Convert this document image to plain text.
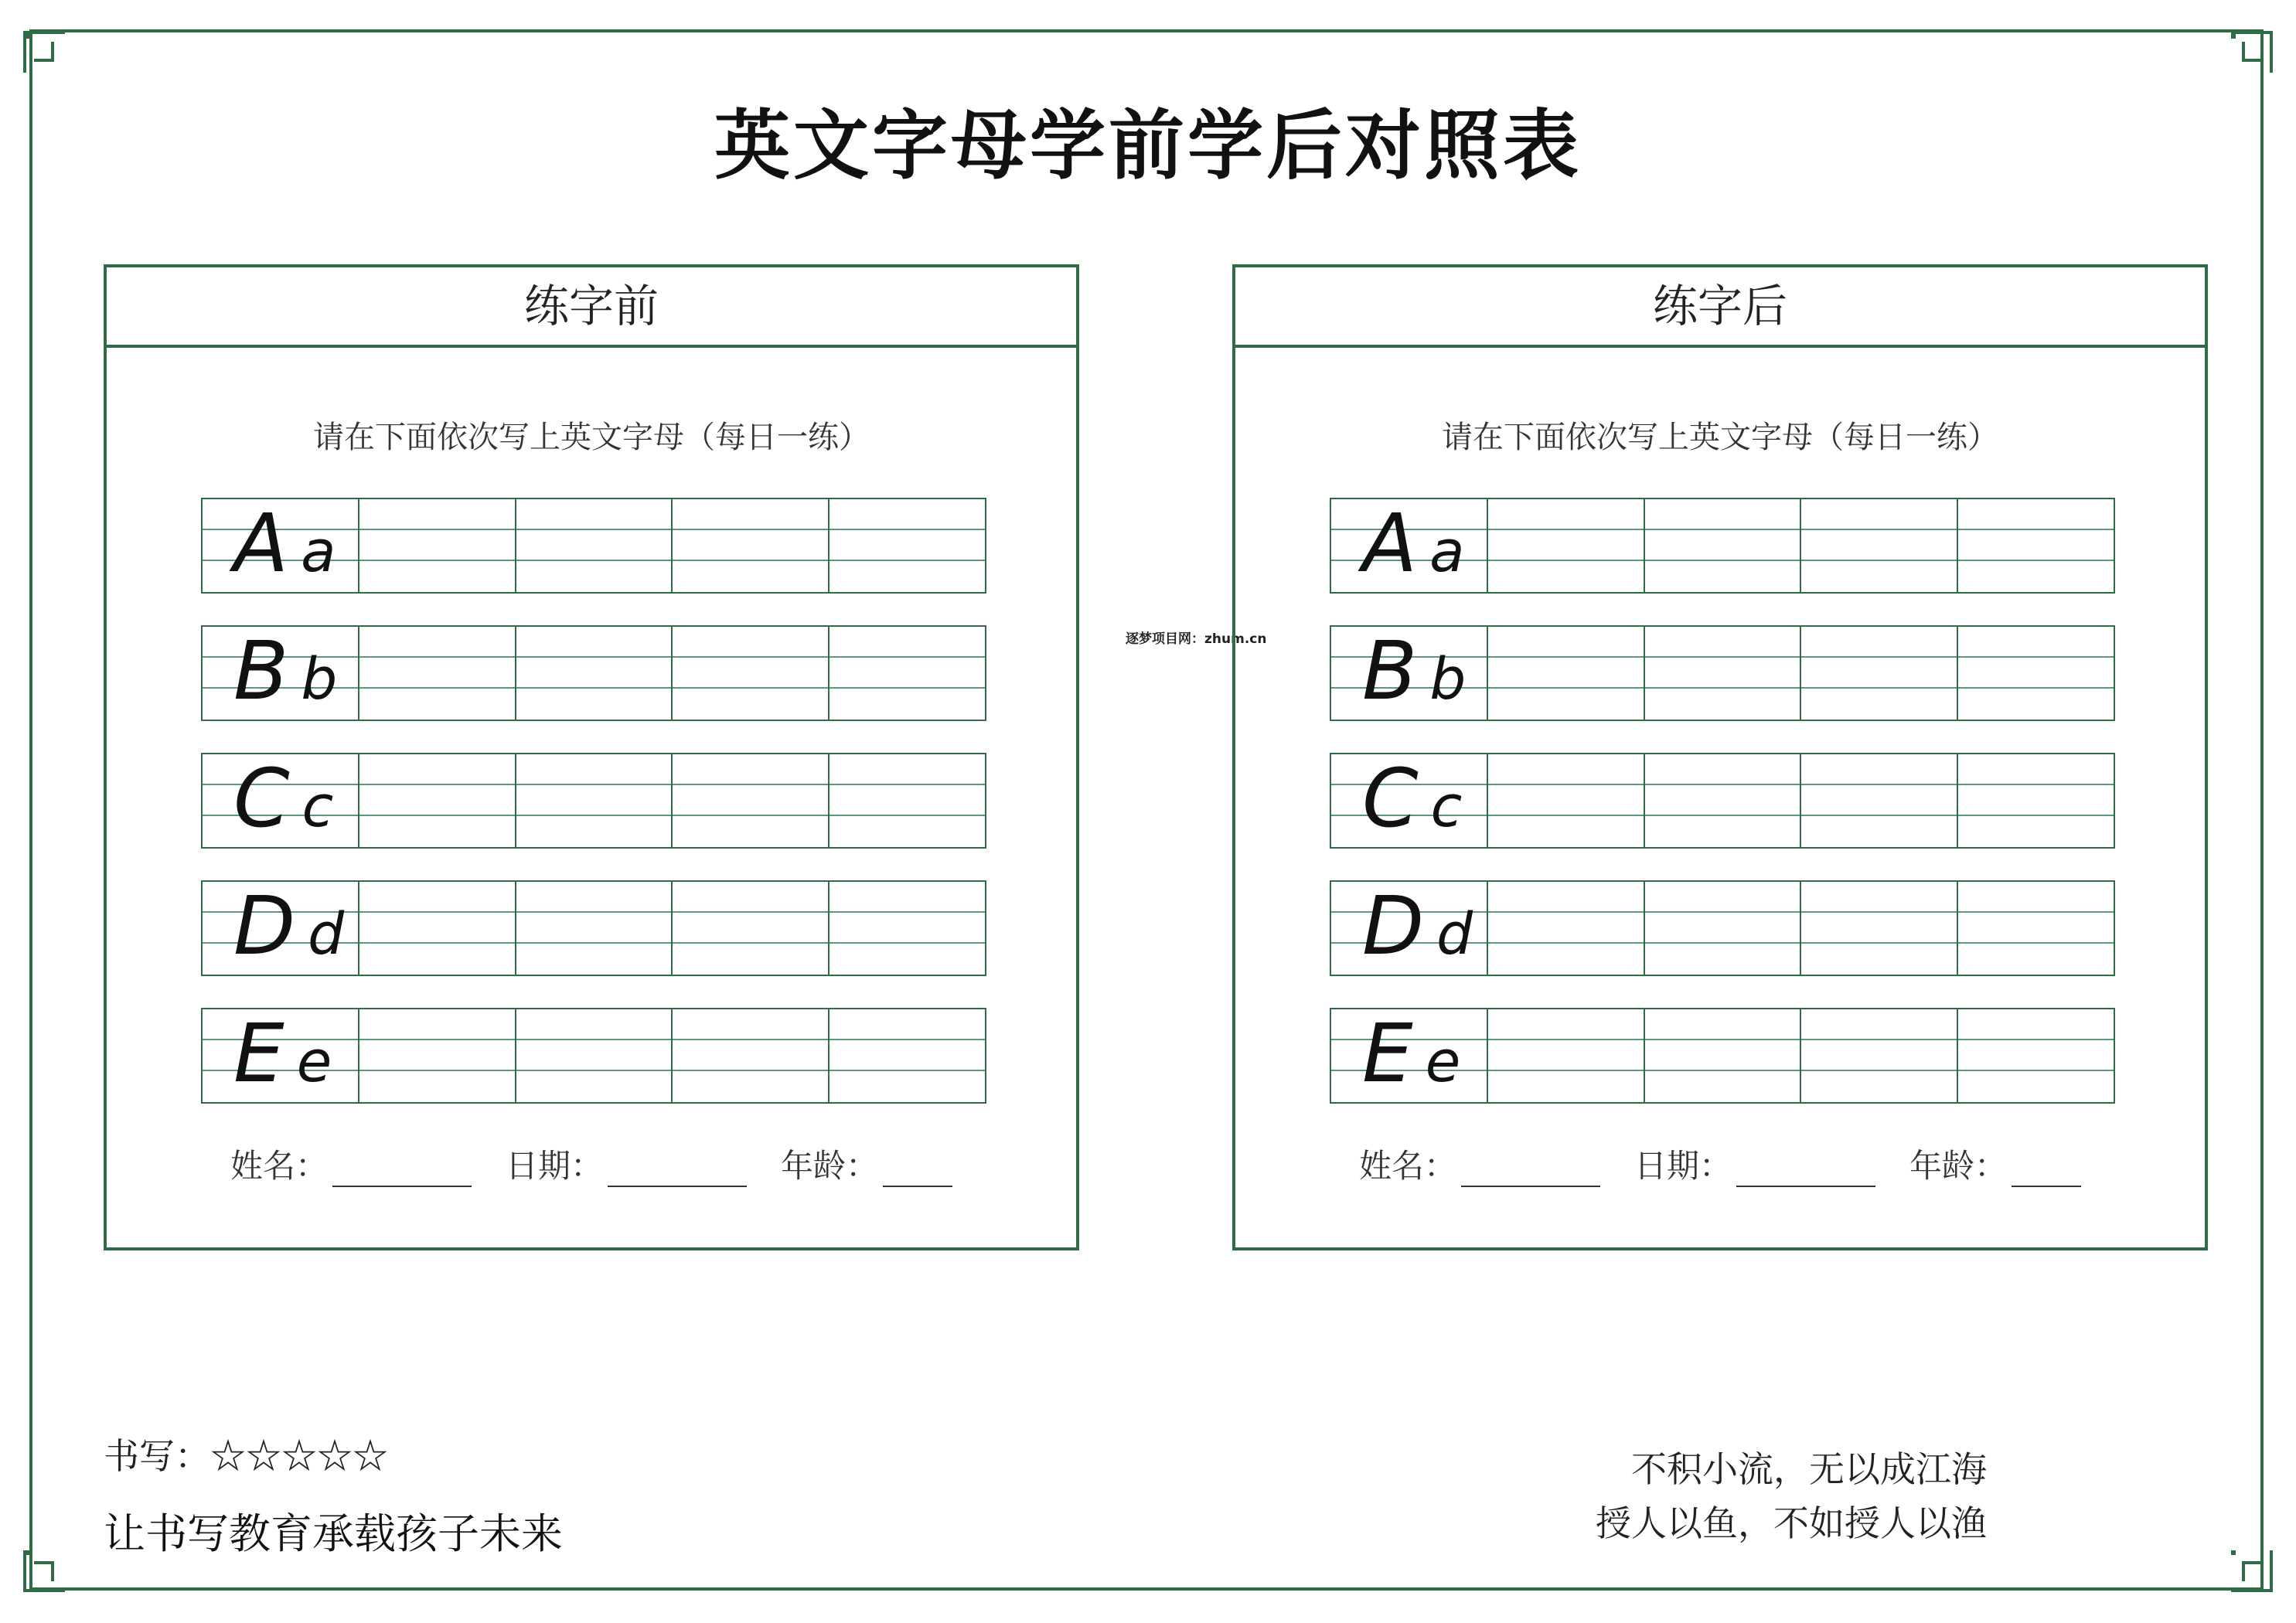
英文字母学前学后对照表
逐梦项目网：zhum.cn
练字前
请在下面依次写上英文字母（每日一练）
A a
B b
C c
D d
E e
姓名：	日期：	年龄：
练字后
请在下面依次写上英文字母（每日一练）
A a
B b
C c
D d
E e
姓名：	日期：	年龄：
书写：☆☆☆☆☆
让书写教育承载孩子未来
不积小流，无以成江海
授人以鱼，不如授人以渔
